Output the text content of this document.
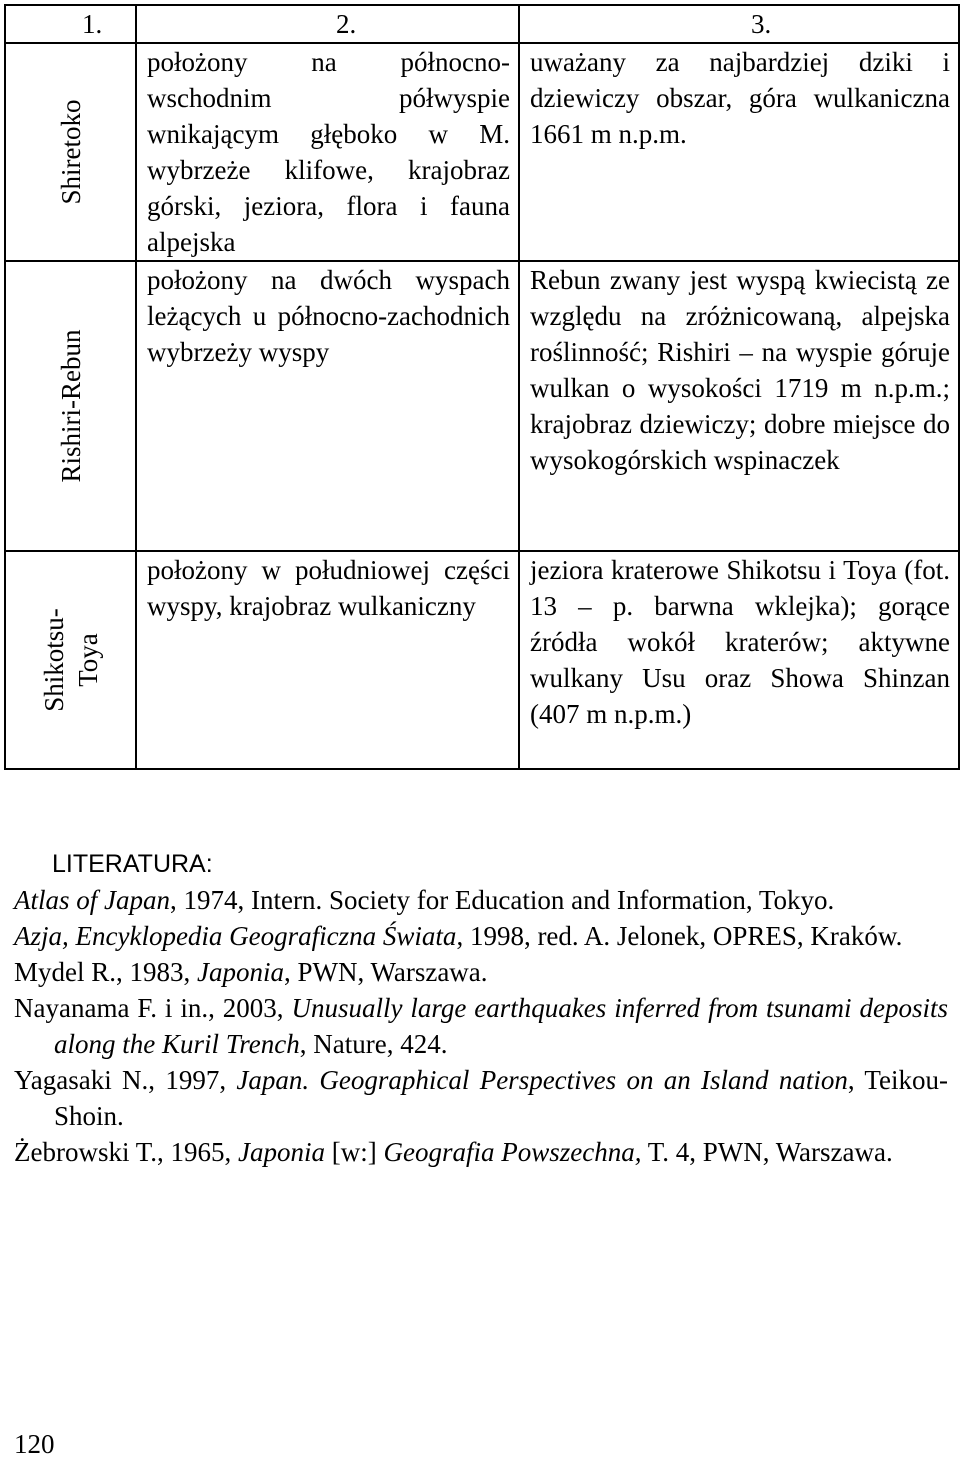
1.	2.	3.

Shiretoko	położony na północno-wschodnim półwyspie wnikającym głęboko w M. wybrzeże klifowe, krajobraz górski, jeziora, flora i fauna alpejska	uważany za najbardziej dziki i dziewiczy obszar, góra wulkaniczna 1661 m n.p.m.

Rishiri-Rebun	położony na dwóch wyspach leżących u północno-zachodnich wybrzeży wyspy	Rebun zwany jest wyspą kwiecistą ze względu na zróżnicowaną, alpejska roślinność; Rishiri – na wyspie góruje wulkan o wysokości 1719 m n.p.m.; krajobraz dziewiczy; dobre miejsce do wysokogórskich wspinaczek

Shikotsu- Toya	położony w południowej części wyspy, krajobraz wulkaniczny	jeziora kraterowe Shikotsu i Toya (fot. 13 – p. barwna wklejka); gorące źródła wokół kraterów; aktywne wulkany Usu oraz Showa Shinzan (407 m n.p.m.)
LITERATURA:

Atlas of Japan, 1974, Intern. Society for Education and Information, Tokyo.

Azja, Encyklopedia Geograficzna Świata, 1998, red. A. Jelonek, OPRES, Kraków.

Mydel R., 1983, Japonia, PWN, Warszawa.

Nayanama F. i in., 2003, Unusually large earthquakes inferred from tsunami deposits along the Kuril Trench, Nature, 424.

Yagasaki N., 1997, Japan. Geographical Perspectives on an Island nation, Teikou-Shoin.

Żebrowski T., 1965, Japonia [w:] Geografia Powszechna, T. 4, PWN, Warszawa.

120
